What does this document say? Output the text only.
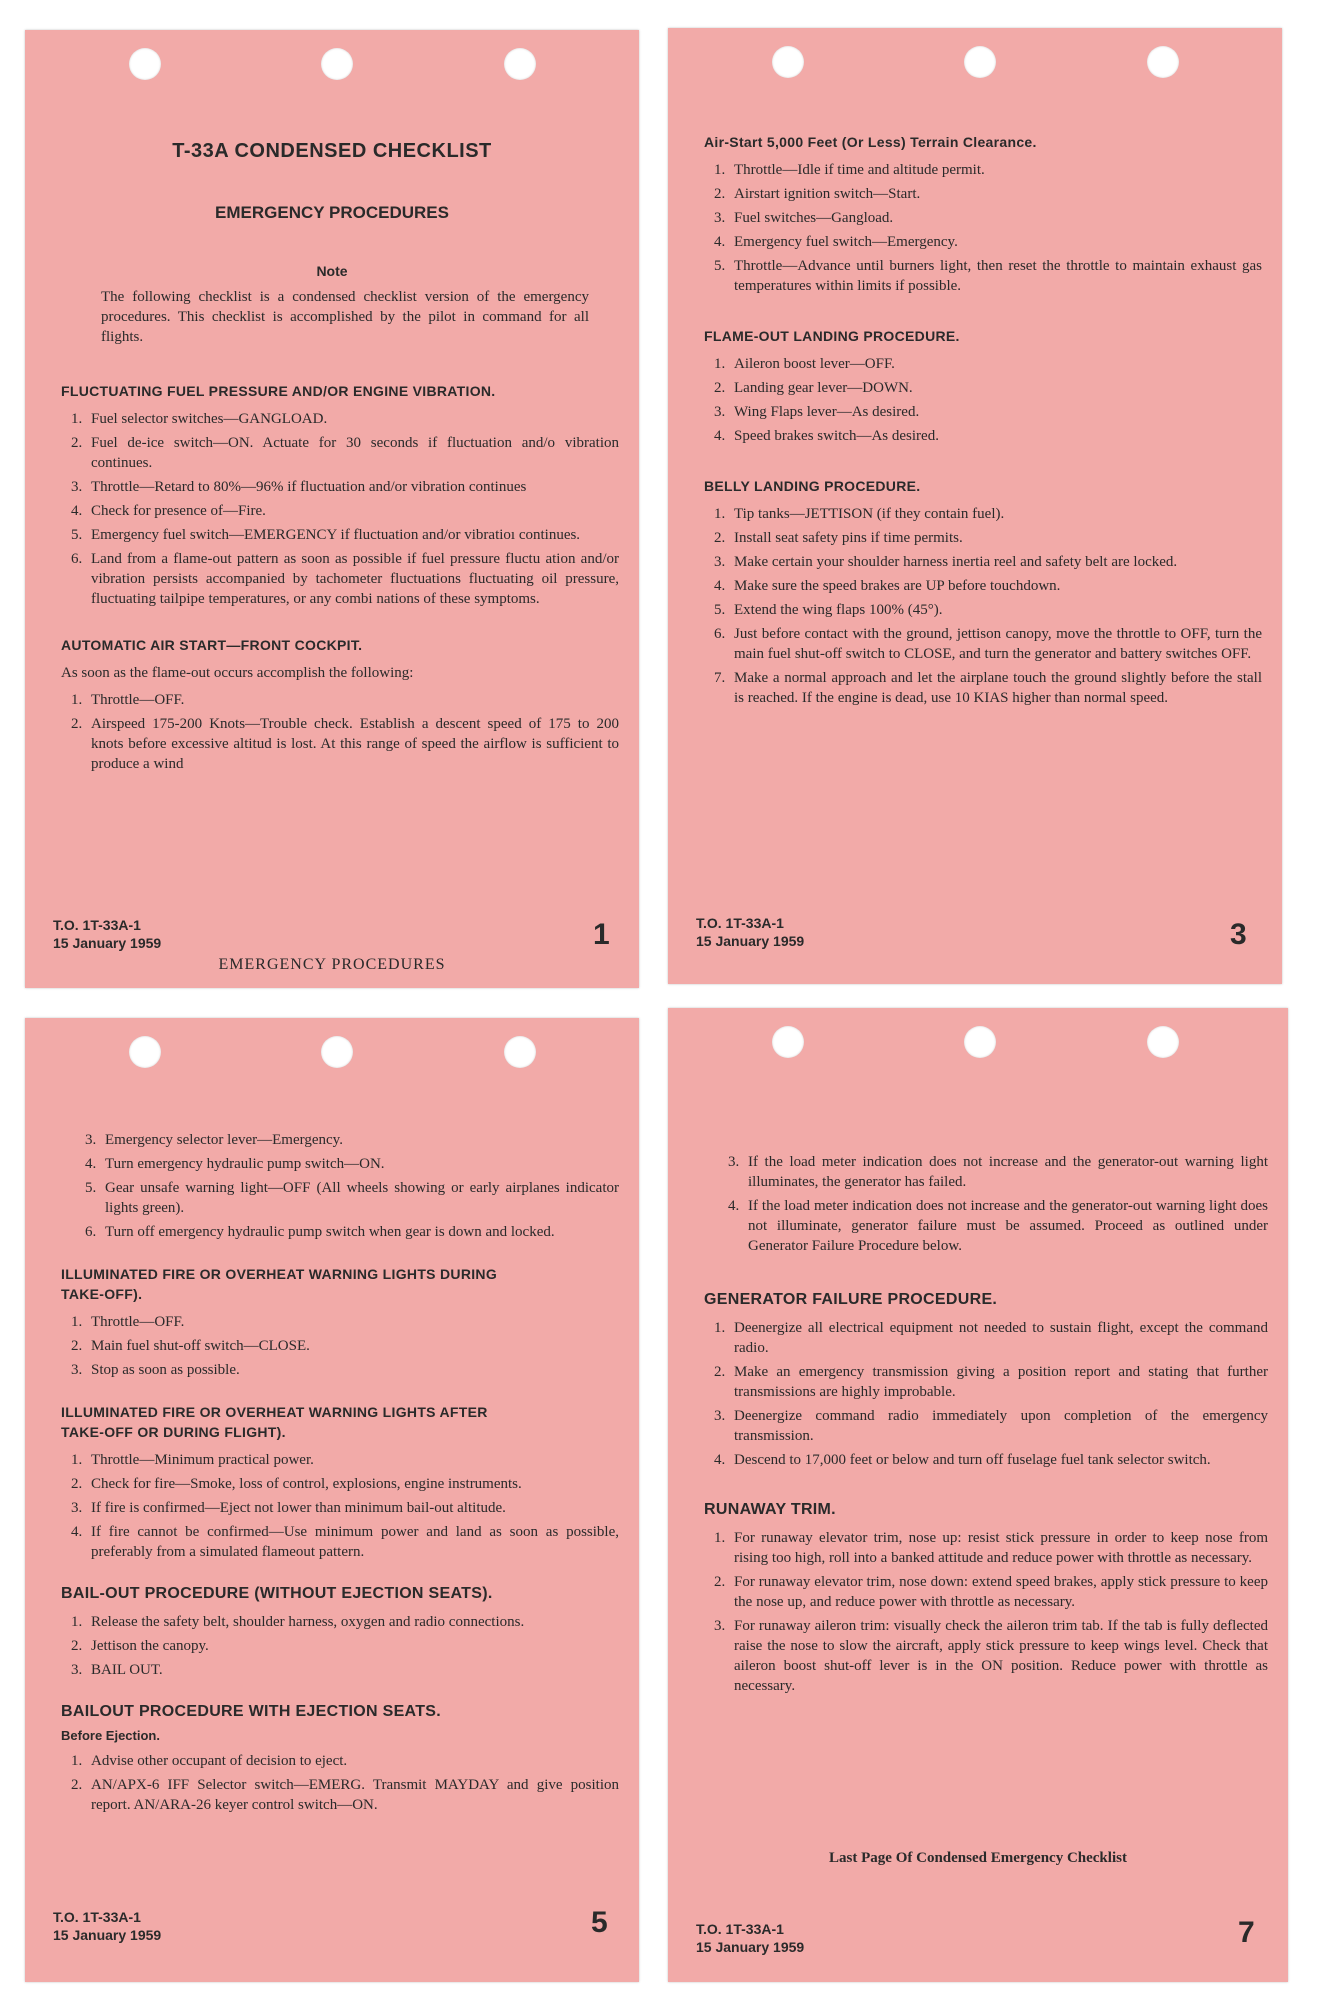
T-33A CONDENSED CHECKLIST
EMERGENCY PROCEDURES
Note
The following checklist is a condensed checklist version of the emergency procedures. This checklist is accomplished by the pilot in command for all flights.
FLUCTUATING FUEL PRESSURE AND/OR ENGINE VIBRATION.
1. Fuel selector switches—GANGLOAD.
2. Fuel de-ice switch—ON. Actuate for 30 seconds if fluctuation and/o vibration continues.
3. Throttle—Retard to 80%—96% if fluctuation and/or vibration continues
4. Check for presence of—Fire.
5. Emergency fuel switch—EMERGENCY if fluctuation and/or vibratioı continues.
6. Land from a flame-out pattern as soon as possible if fuel pressure fluctu ation and/or vibration persists accompanied by tachometer fluctuations fluctuating oil pressure, fluctuating tailpipe temperatures, or any combi nations of these symptoms.
AUTOMATIC AIR START—FRONT COCKPIT.
As soon as the flame-out occurs accomplish the following:
1. Throttle—OFF.
2. Airspeed 175-200 Knots—Trouble check. Establish a descent speed of 175 to 200 knots before excessive altitud is lost. At this range of speed the airflow is sufficient to produce a wind
T.O. 1T-33A-1
15 January 1959	1
EMERGENCY PROCEDURES
Air-Start 5,000 Feet (Or Less) Terrain Clearance.
1. Throttle—Idle if time and altitude permit.
2. Airstart ignition switch—Start.
3. Fuel switches—Gangload.
4. Emergency fuel switch—Emergency.
5. Throttle—Advance until burners light, then reset the throttle to maintain exhaust gas temperatures within limits if possible.
FLAME-OUT LANDING PROCEDURE.
1. Aileron boost lever—OFF.
2. Landing gear lever—DOWN.
3. Wing Flaps lever—As desired.
4. Speed brakes switch—As desired.
BELLY LANDING PROCEDURE.
1. Tip tanks—JETTISON (if they contain fuel).
2. Install seat safety pins if time permits.
3. Make certain your shoulder harness inertia reel and safety belt are locked.
4. Make sure the speed brakes are UP before touchdown.
5. Extend the wing flaps 100% (45°).
6. Just before contact with the ground, jettison canopy, move the throttle to OFF, turn the main fuel shut-off switch to CLOSE, and turn the generator and battery switches OFF.
7. Make a normal approach and let the airplane touch the ground slightly before the stall is reached. If the engine is dead, use 10 KIAS higher than normal speed.
T.O. 1T-33A-1
15 January 1959	3
3. Emergency selector lever—Emergency.
4. Turn emergency hydraulic pump switch—ON.
5. Gear unsafe warning light—OFF (All wheels showing or early airplanes indicator lights green).
6. Turn off emergency hydraulic pump switch when gear is down and locked.
ILLUMINATED FIRE OR OVERHEAT WARNING LIGHTS DURING TAKE-OFF).
1. Throttle—OFF.
2. Main fuel shut-off switch—CLOSE.
3. Stop as soon as possible.
ILLUMINATED FIRE OR OVERHEAT WARNING LIGHTS AFTER TAKE-OFF OR DURING FLIGHT).
1. Throttle—Minimum practical power.
2. Check for fire—Smoke, loss of control, explosions, engine instruments.
3. If fire is confirmed—Eject not lower than minimum bail-out altitude.
4. If fire cannot be confirmed—Use minimum power and land as soon as possible, preferably from a simulated flameout pattern.
BAIL-OUT PROCEDURE (WITHOUT EJECTION SEATS).
1. Release the safety belt, shoulder harness, oxygen and radio connections.
2. Jettison the canopy.
3. BAIL OUT.
BAILOUT PROCEDURE WITH EJECTION SEATS.
Before Ejection.
1. Advise other occupant of decision to eject.
2. AN/APX-6 IFF Selector switch—EMERG. Transmit MAYDAY and give position report. AN/ARA-26 keyer control switch—ON.
T.O. 1T-33A-1
15 January 1959	5
3. If the load meter indication does not increase and the generator-out warning light illuminates, the generator has failed.
4. If the load meter indication does not increase and the generator-out warning light does not illuminate, generator failure must be assumed. Proceed as outlined under Generator Failure Procedure below.
GENERATOR FAILURE PROCEDURE.
1. Deenergize all electrical equipment not needed to sustain flight, except the command radio.
2. Make an emergency transmission giving a position report and stating that further transmissions are highly improbable.
3. Deenergize command radio immediately upon completion of the emergency transmission.
4. Descend to 17,000 feet or below and turn off fuselage fuel tank selector switch.
RUNAWAY TRIM.
1. For runaway elevator trim, nose up: resist stick pressure in order to keep nose from rising too high, roll into a banked attitude and reduce power with throttle as necessary.
2. For runaway elevator trim, nose down: extend speed brakes, apply stick pressure to keep the nose up, and reduce power with throttle as necessary.
3. For runaway aileron trim: visually check the aileron trim tab. If the tab is fully deflected raise the nose to slow the aircraft, apply stick pressure to keep wings level. Check that aileron boost shut-off lever is in the ON position. Reduce power with throttle as necessary.
Last Page Of Condensed Emergency Checklist
T.O. 1T-33A-1
15 January 1959	7
